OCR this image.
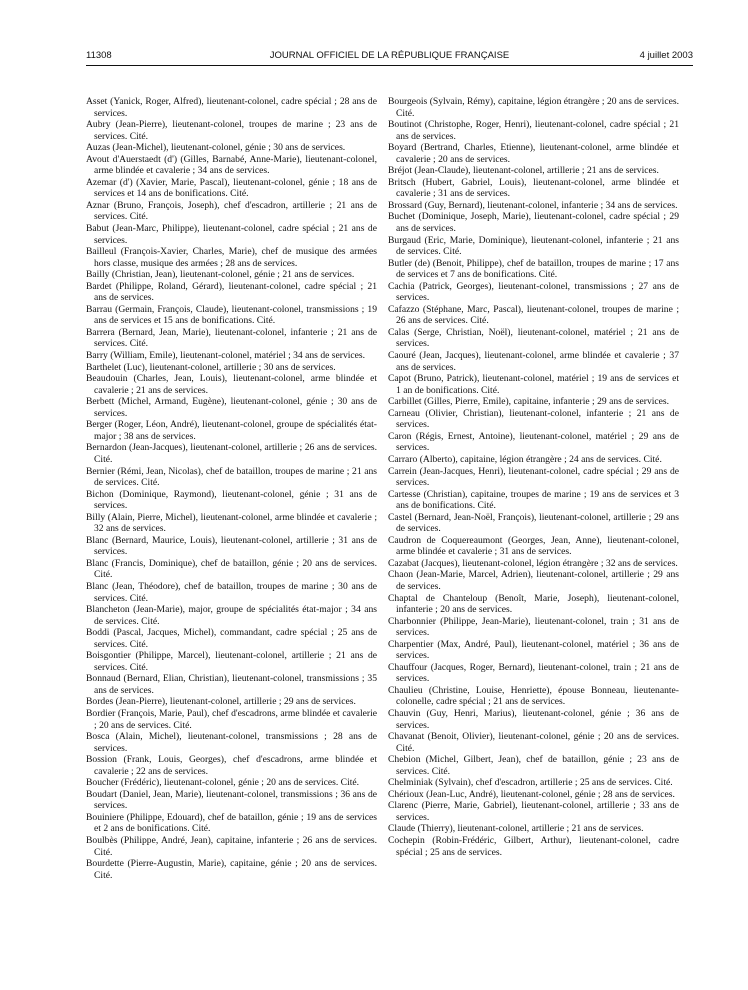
11308	JOURNAL OFFICIEL DE LA RÉPUBLIQUE FRANÇAISE	4 juillet 2003

Asset (Yanick, Roger, Alfred), lieutenant-colonel, cadre spécial ; 28 ans de services.

Aubry (Jean-Pierre), lieutenant-colonel, troupes de marine ; 23 ans de services. Cité.

Auzas (Jean-Michel), lieutenant-colonel, génie ; 30 ans de services.

Avout d'Auerstaedt (d') (Gilles, Barnabé, Anne-Marie), lieutenant-colonel, arme blindée et cavalerie ; 34 ans de services.

Azemar (d') (Xavier, Marie, Pascal), lieutenant-colonel, génie ; 18 ans de services et 14 ans de bonifications. Cité.

Aznar (Bruno, François, Joseph), chef d'escadron, artillerie ; 21 ans de services. Cité.

Babut (Jean-Marc, Philippe), lieutenant-colonel, cadre spécial ; 21 ans de services.

Bailleul (François-Xavier, Charles, Marie), chef de musique des armées hors classe, musique des armées ; 28 ans de services.

Bailly (Christian, Jean), lieutenant-colonel, génie ; 21 ans de services.

Bardet (Philippe, Roland, Gérard), lieutenant-colonel, cadre spécial ; 21 ans de services.

Barrau (Germain, François, Claude), lieutenant-colonel, transmissions ; 19 ans de services et 15 ans de bonifications. Cité.

Barrera (Bernard, Jean, Marie), lieutenant-colonel, infanterie ; 21 ans de services. Cité.

Barry (William, Emile), lieutenant-colonel, matériel ; 34 ans de services.

Barthelet (Luc), lieutenant-colonel, artillerie ; 30 ans de services.

Beaudouin (Charles, Jean, Louis), lieutenant-colonel, arme blindée et cavalerie ; 21 ans de services.

Berbett (Michel, Armand, Eugène), lieutenant-colonel, génie ; 30 ans de services.

Berger (Roger, Léon, André), lieutenant-colonel, groupe de spécialités état-major ; 38 ans de services.

Bernardon (Jean-Jacques), lieutenant-colonel, artillerie ; 26 ans de services. Cité.

Bernier (Rémi, Jean, Nicolas), chef de bataillon, troupes de marine ; 21 ans de services. Cité.

Bichon (Dominique, Raymond), lieutenant-colonel, génie ; 31 ans de services.

Billy (Alain, Pierre, Michel), lieutenant-colonel, arme blindée et cavalerie ; 32 ans de services.

Blanc (Bernard, Maurice, Louis), lieutenant-colonel, artillerie ; 31 ans de services.

Blanc (Francis, Dominique), chef de bataillon, génie ; 20 ans de services. Cité.

Blanc (Jean, Théodore), chef de bataillon, troupes de marine ; 30 ans de services. Cité.

Blancheton (Jean-Marie), major, groupe de spécialités état-major ; 34 ans de services. Cité.

Boddi (Pascal, Jacques, Michel), commandant, cadre spécial ; 25 ans de services. Cité.

Boisgontier (Philippe, Marcel), lieutenant-colonel, artillerie ; 21 ans de services. Cité.

Bonnaud (Bernard, Elian, Christian), lieutenant-colonel, transmissions ; 35 ans de services.

Bordes (Jean-Pierre), lieutenant-colonel, artillerie ; 29 ans de services.

Bordier (François, Marie, Paul), chef d'escadrons, arme blindée et cavalerie ; 20 ans de services. Cité.

Bosca (Alain, Michel), lieutenant-colonel, transmissions ; 28 ans de services.

Bossion (Frank, Louis, Georges), chef d'escadrons, arme blindée et cavalerie ; 22 ans de services.

Boucher (Frédéric), lieutenant-colonel, génie ; 20 ans de services. Cité.

Boudart (Daniel, Jean, Marie), lieutenant-colonel, transmissions ; 36 ans de services.

Bouiniere (Philippe, Edouard), chef de bataillon, génie ; 19 ans de services et 2 ans de bonifications. Cité.

Boulbès (Philippe, André, Jean), capitaine, infanterie ; 26 ans de services. Cité.

Bourdette (Pierre-Augustin, Marie), capitaine, génie ; 20 ans de services. Cité.

Bourgeois (Sylvain, Rémy), capitaine, légion étrangère ; 20 ans de services. Cité.

Boutinot (Christophe, Roger, Henri), lieutenant-colonel, cadre spécial ; 21 ans de services.

Boyard (Bertrand, Charles, Etienne), lieutenant-colonel, arme blindée et cavalerie ; 20 ans de services.

Bréjot (Jean-Claude), lieutenant-colonel, artillerie ; 21 ans de services.

Britsch (Hubert, Gabriel, Louis), lieutenant-colonel, arme blindée et cavalerie ; 31 ans de services.

Brossard (Guy, Bernard), lieutenant-colonel, infanterie ; 34 ans de services.

Buchet (Dominique, Joseph, Marie), lieutenant-colonel, cadre spécial ; 29 ans de services.

Burgaud (Eric, Marie, Dominique), lieutenant-colonel, infanterie ; 21 ans de services. Cité.

Butler (de) (Benoit, Philippe), chef de bataillon, troupes de marine ; 17 ans de services et 7 ans de bonifications. Cité.

Cachia (Patrick, Georges), lieutenant-colonel, transmissions ; 27 ans de services.

Cafazzo (Stéphane, Marc, Pascal), lieutenant-colonel, troupes de marine ; 26 ans de services. Cité.

Calas (Serge, Christian, Noël), lieutenant-colonel, matériel ; 21 ans de services.

Caouré (Jean, Jacques), lieutenant-colonel, arme blindée et cavalerie ; 37 ans de services.

Capot (Bruno, Patrick), lieutenant-colonel, matériel ; 19 ans de services et 1 an de bonifications. Cité.

Carbillet (Gilles, Pierre, Emile), capitaine, infanterie ; 29 ans de services.

Carneau (Olivier, Christian), lieutenant-colonel, infanterie ; 21 ans de services.

Caron (Régis, Ernest, Antoine), lieutenant-colonel, matériel ; 29 ans de services.

Carraro (Alberto), capitaine, légion étrangère ; 24 ans de services. Cité.

Carrein (Jean-Jacques, Henri), lieutenant-colonel, cadre spécial ; 29 ans de services.

Cartesse (Christian), capitaine, troupes de marine ; 19 ans de services et 3 ans de bonifications. Cité.

Castel (Bernard, Jean-Noël, François), lieutenant-colonel, artillerie ; 29 ans de services.

Caudron de Coquereaumont (Georges, Jean, Anne), lieutenant-colonel, arme blindée et cavalerie ; 31 ans de services.

Cazabat (Jacques), lieutenant-colonel, légion étrangère ; 32 ans de services.

Chaon (Jean-Marie, Marcel, Adrien), lieutenant-colonel, artillerie ; 29 ans de services.

Chaptal de Chanteloup (Benoît, Marie, Joseph), lieutenant-colonel, infanterie ; 20 ans de services.

Charbonnier (Philippe, Jean-Marie), lieutenant-colonel, train ; 31 ans de services.

Charpentier (Max, André, Paul), lieutenant-colonel, matériel ; 36 ans de services.

Chauffour (Jacques, Roger, Bernard), lieutenant-colonel, train ; 21 ans de services.

Chaulieu (Christine, Louise, Henriette), épouse Bonneau, lieutenante-colonelle, cadre spécial ; 21 ans de services.

Chauvin (Guy, Henri, Marius), lieutenant-colonel, génie ; 36 ans de services.

Chavanat (Benoit, Olivier), lieutenant-colonel, génie ; 20 ans de services. Cité.

Chebion (Michel, Gilbert, Jean), chef de bataillon, génie ; 23 ans de services. Cité.

Chelminiak (Sylvain), chef d'escadron, artillerie ; 25 ans de services. Cité.

Chérioux (Jean-Luc, André), lieutenant-colonel, génie ; 28 ans de services.

Clarenc (Pierre, Marie, Gabriel), lieutenant-colonel, artillerie ; 33 ans de services.

Claude (Thierry), lieutenant-colonel, artillerie ; 21 ans de services.

Cochepin (Robin-Frédéric, Gilbert, Arthur), lieutenant-colonel, cadre spécial ; 25 ans de services.
